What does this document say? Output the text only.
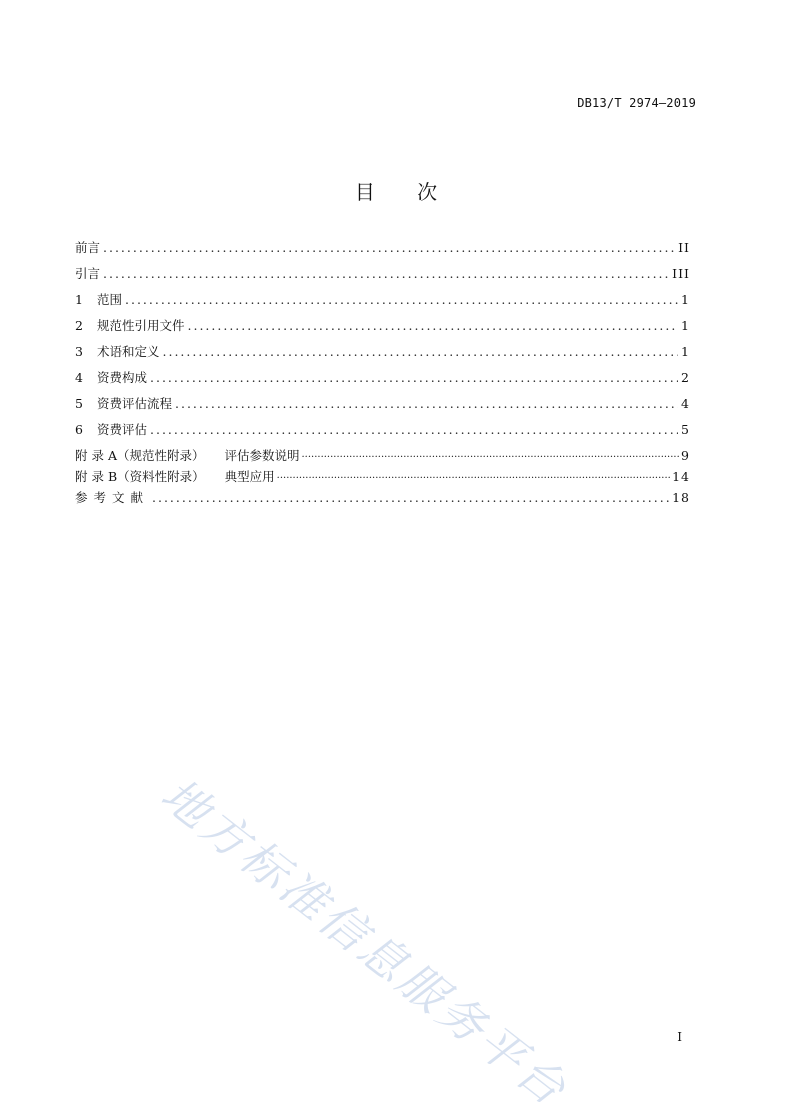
DB13/T 2974—2019
目 次
前言 .....	II
引言 .....	III
1	范围 .....	1
2	规范性引用文件 .....	1
3	术语和定义 .....	1
4	资费构成 .....	2
5	资费评估流程 .....	4
6	资费评估 .....	5
附 录 A（规范性附录） 评估参数说明 ·····	9
附 录 B（资料性附录） 典型应用 ·····	14
参考文献 .....	18
地方标准信息服务平台	I
